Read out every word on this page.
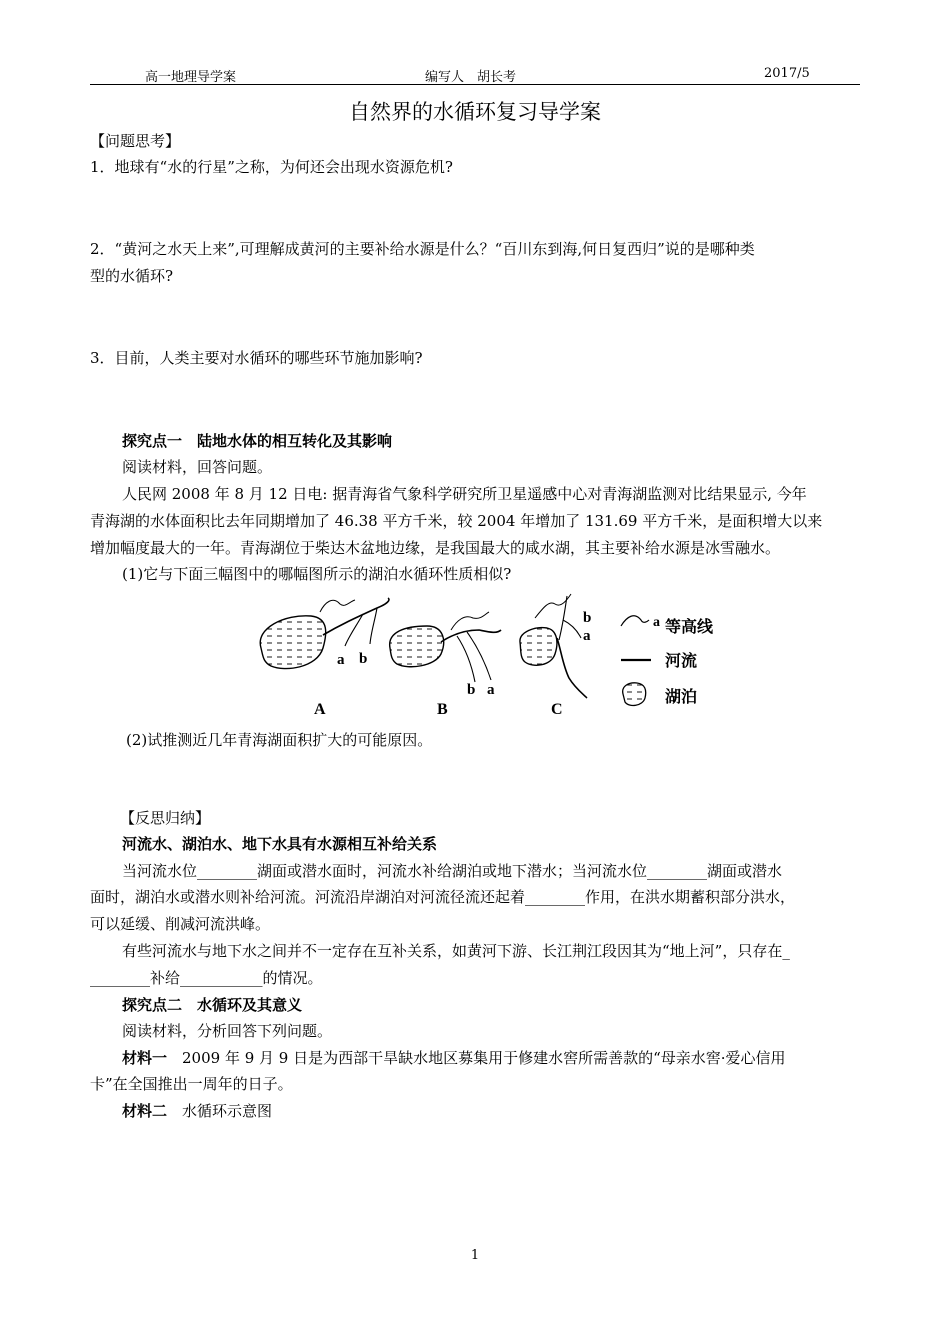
高一地理导学案	编写人　胡长考	2017/5
自然界的水循环复习导学案
【问题思考】
1．地球有“水的行星”之称，为何还会出现水资源危机?
2．“黄河之水天上来”,可理解成黄河的主要补给水源是什么？“百川东到海,何日复西归”说的是哪种类
型的水循环?
3．目前，人类主要对水循环的哪些环节施加影响?
探究点一　陆地水体的相互转化及其影响
阅读材料，回答问题。
人民网 2008 年 8 月 12 日电: 据青海省气象科学研究所卫星遥感中心对青海湖监测对比结果显示, 今年
青海湖的水体面积比去年同期增加了 46.38 平方千米，较 2004 年增加了 131.69 平方千米，是面积增大以来
增加幅度最大的一年。青海湖位于柴达木盆地边缘，是我国最大的咸水湖，其主要补给水源是冰雪融水。
(1)它与下面三幅图中的哪幅图所示的湖泊水循环性质相似?
a b
A
b a
B
b
a
C
a 等高线
河流
湖泊
(2)试推测近几年青海湖面积扩大的可能原因。
【反思归纳】
河流水、湖泊水、地下水具有水源相互补给关系
当河流水位________湖面或潜水面时，河流水补给湖泊或地下潜水；当河流水位________湖面或潜水
面时，湖泊水或潜水则补给河流。河流沿岸湖泊对河流径流还起着________作用，在洪水期蓄积部分洪水，
可以延缓、削减河流洪峰。
有些河流水与地下水之间并不一定存在互补关系，如黄河下游、长江荆江段因其为“地上河”，只存在_
________补给___________的情况。
探究点二　水循环及其意义
阅读材料，分析回答下列问题。
材料一　2009 年 9 月 9 日是为西部干旱缺水地区募集用于修建水窖所需善款的“母亲水窖·爱心信用
卡”在全国推出一周年的日子。
材料二　水循环示意图
1
